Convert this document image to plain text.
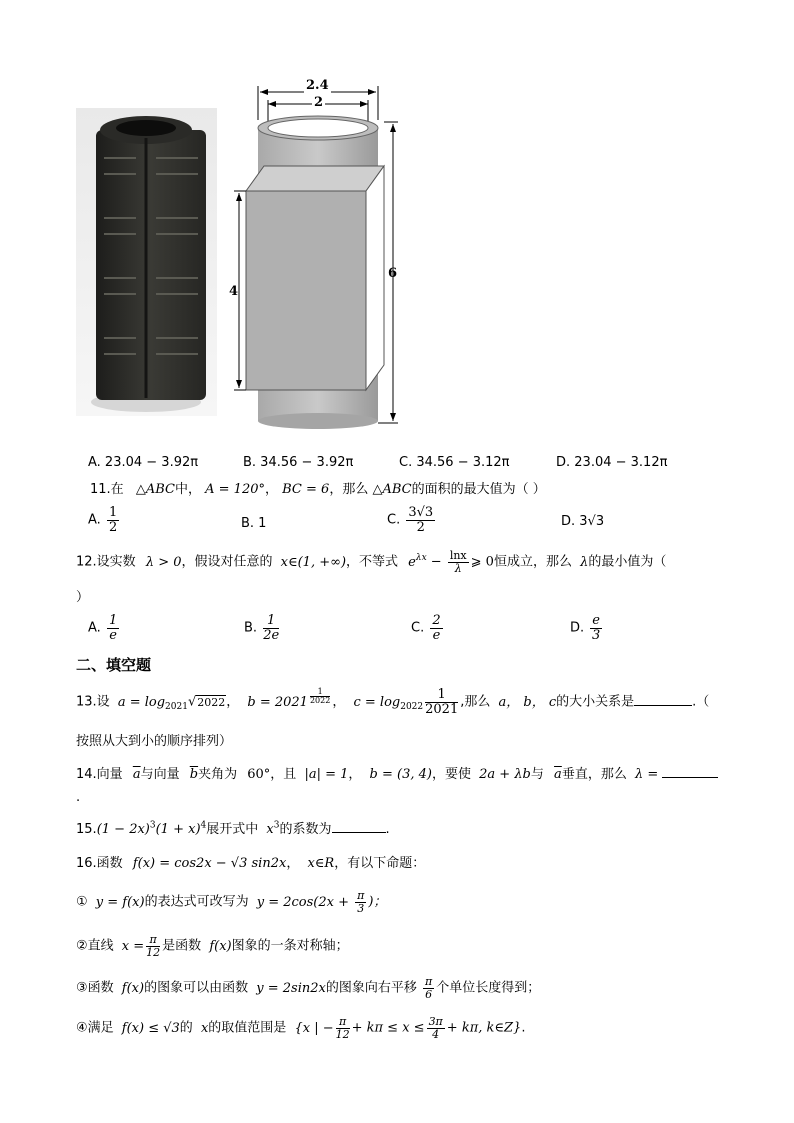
2.4
2
4
6
A. 23.04 − 3.92π	B. 34.56 − 3.92π	C. 34.56 − 3.12π	D. 23.04 − 3.12π
11.在 △ABC中， A = 120°， BC = 6，那么 △ABC的面积的最大值为（ ）
A. $\frac{1}{2}$	B. 1	C. $\frac{3√3}{2}$	D. 3√3
12.设实数 λ > 0，假设对任意的 x∈(1, +∞)，不等式 $e^{\lambda x} - \frac{\ln x}{\lambda}$ ⩾ 0恒成立，那么 λ的最小值为（
）
A. $\frac{1}{e}$	B. $\frac{1}{2e}$	C. $\frac{2}{e}$	D. $\frac{e}{3}$
二、填空题
13.设 $a = \log_{2021}√2022$， $b = 2021 \frac{1}{2022}$ ， $c = \log_{2022} \frac{1}{2021}$ ,那么 a， b， c的大小关系是	.（
按照从大到小的顺序排列）
14.向量 $\overline{a}$与向量 $\overline{b}$夹角为 60°，且 |a| = 1， b = (3, 4)，要使 2a + λb与 $\overline{a}$垂直，那么 λ =
.
$15.(1 - 2x)^3(1 + x)^4$展开式中 $x^3$的系数为	.
16.函数 f(x) = cos2x − √3 sin2x， x∈R，有以下命题：
① y = f(x)的表达式可改写为 $y = 2\cos(2x + \frac{\pi}{3}$ )；
②直线 $x = \frac{\pi}{12}$ 是函数 f(x)图象的一条对称轴；
③函数 f(x)的图象可以由函数 y = 2sin2x的图象向右平移 $\frac{\pi}{6}$ 个单位长度得到；
④满足 f(x) ≤ √3的 x的取值范围是 {x | − $\frac{\pi}{12} + k\pi \le x \le \frac{3\pi}{4} + k\pi$, k∈Z}.
